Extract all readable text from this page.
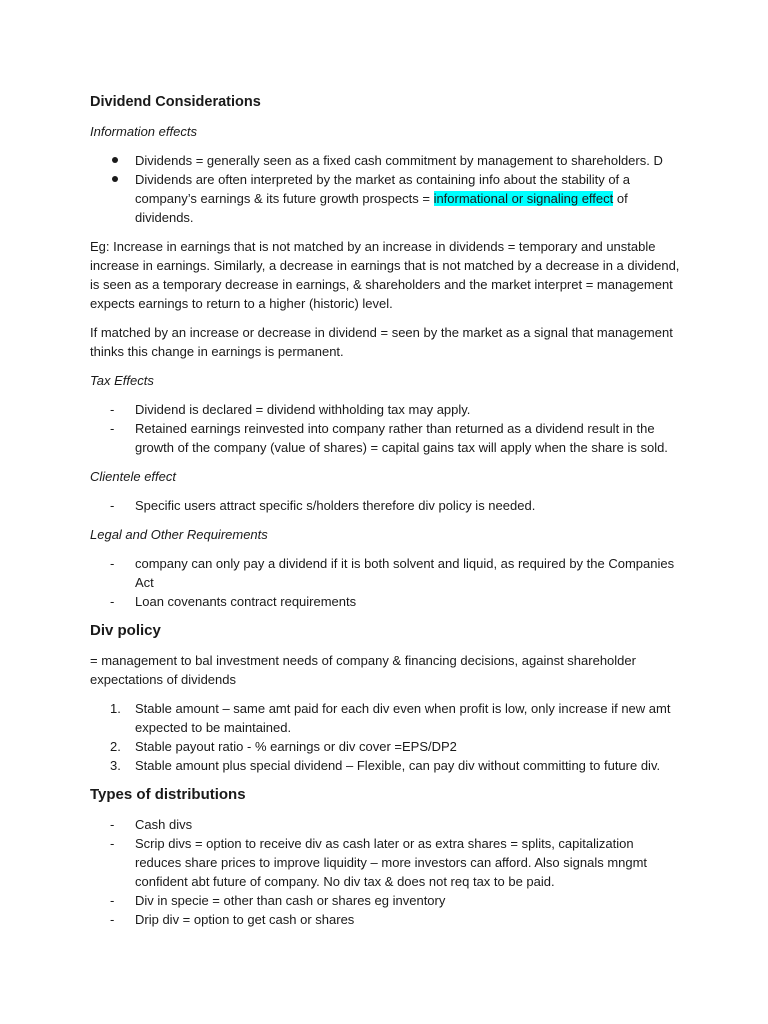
Dividend Considerations

Information effects

Dividends = generally seen as a fixed cash commitment by management to shareholders. D
Dividends are often interpreted by the market as containing info about the stability of a company’s earnings & its future growth prospects = informational or signaling effect of dividends.

Eg: Increase in earnings that is not matched by an increase in dividends = temporary and unstable increase in earnings. Similarly, a decrease in earnings that is not matched by a decrease in a dividend, is seen as a temporary decrease in earnings, & shareholders and the market interpret = management expects earnings to return to a higher (historic) level.

If matched by an increase or decrease in dividend = seen by the market as a signal that management thinks this change in earnings is permanent.

Tax Effects

-	Dividend is declared = dividend withholding tax may apply.
-	Retained earnings reinvested into company rather than returned as a dividend result in the growth of the company (value of shares) = capital gains tax will apply when the share is sold.

Clientele effect

-	Specific users attract specific s/holders therefore div policy is needed.

Legal and Other Requirements

-	company can only pay a dividend if it is both solvent and liquid, as required by the Companies Act
-	Loan covenants contract requirements
Div policy

= management to bal investment needs of company & financing decisions, against shareholder expectations of dividends

1.	Stable amount – same amt paid for each div even when profit is low, only increase if new amt expected to be maintained.
2.	Stable payout ratio - % earnings or div cover =EPS/DP2
3.	Stable amount plus special dividend – Flexible, can pay div without committing to future div.
Types of distributions
-	Cash divs
-	Scrip divs = option to receive div as cash later or as extra shares = splits, capitalization reduces share prices to improve liquidity – more investors can afford. Also signals mngmt confident abt future of company. No div tax & does not req tax to be paid.
-	Div in specie = other than cash or shares eg inventory
-	Drip div = option to get cash or shares
